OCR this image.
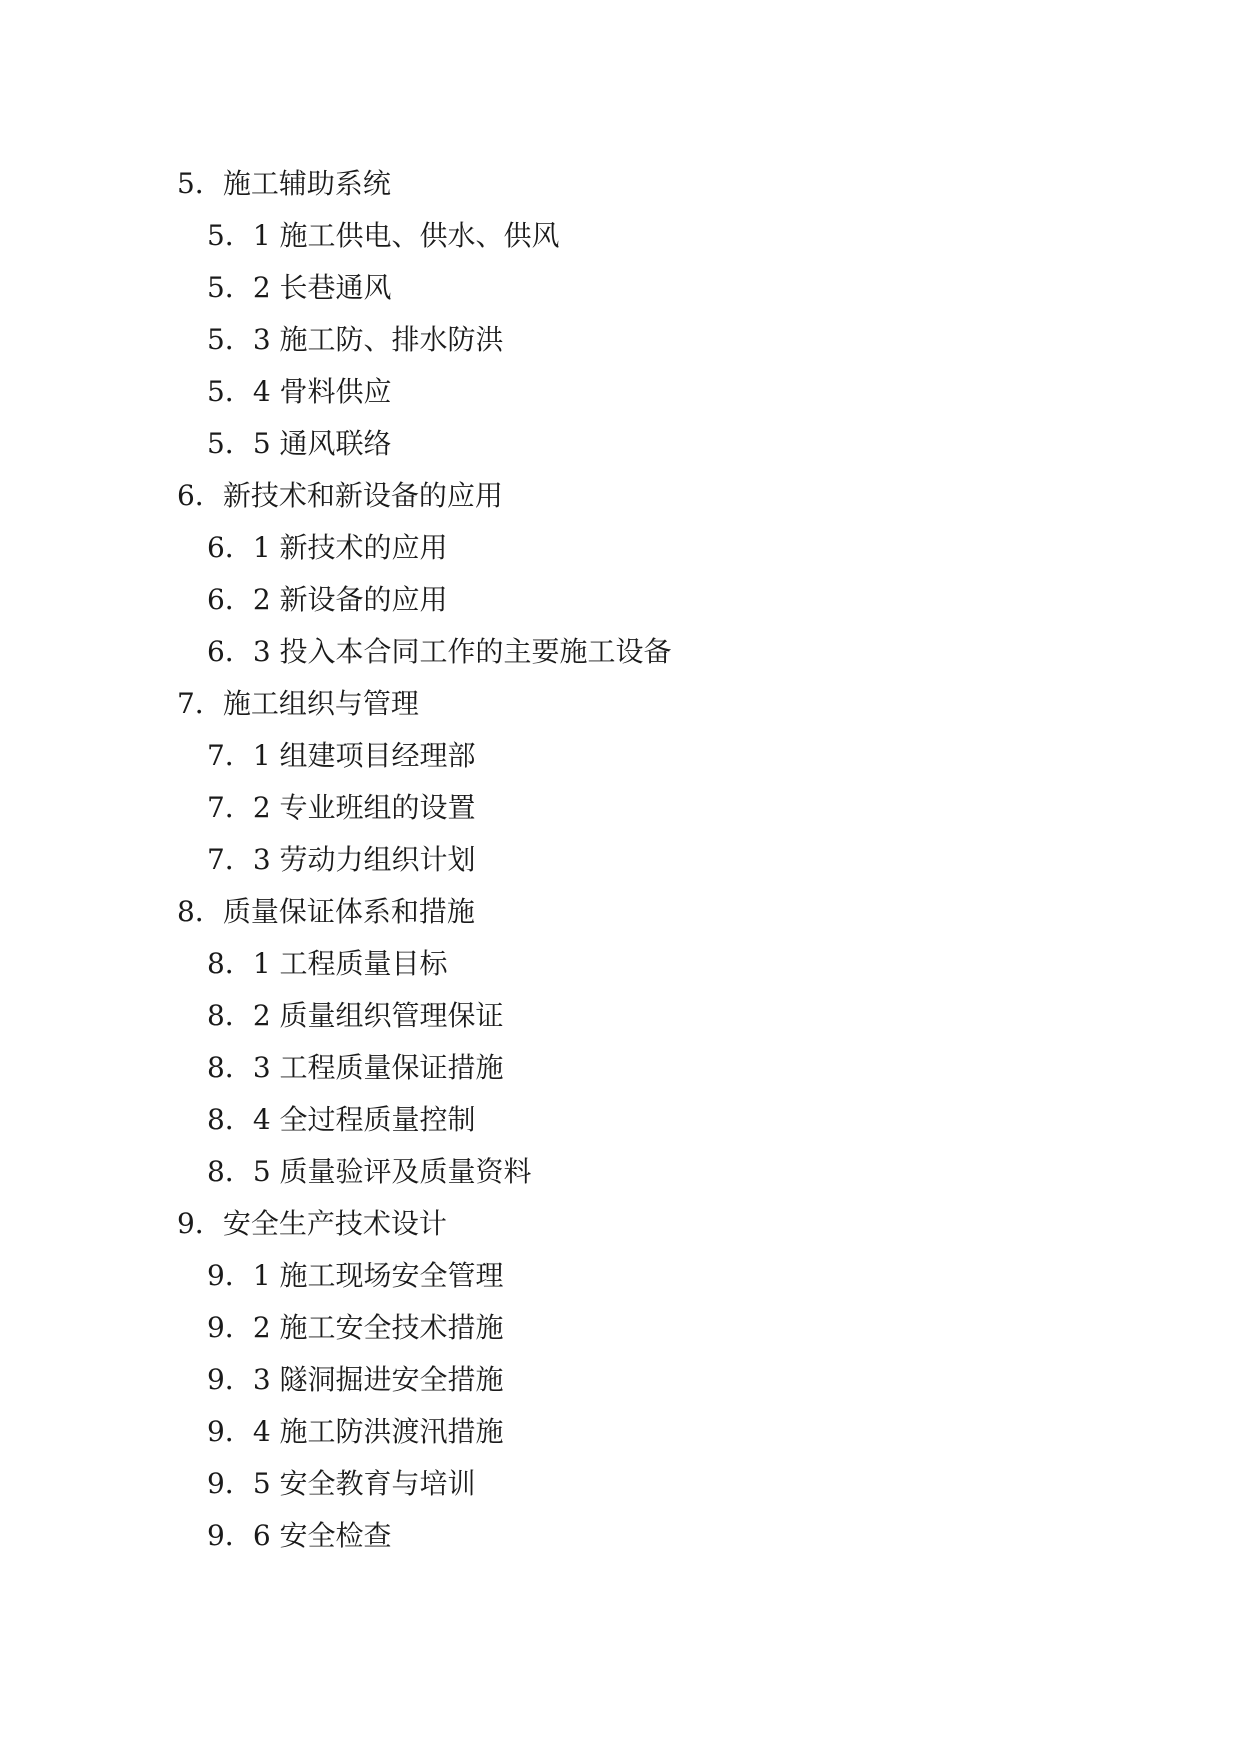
5．施工辅助系统
5．1 施工供电、供水、供风
5．2 长巷通风
5．3 施工防、排水防洪
5．4 骨料供应
5．5 通风联络
6．新技术和新设备的应用
6．1 新技术的应用
6．2 新设备的应用
6．3 投入本合同工作的主要施工设备
7．施工组织与管理
7．1 组建项目经理部
7．2 专业班组的设置
7．3 劳动力组织计划
8．质量保证体系和措施
8．1 工程质量目标
8．2 质量组织管理保证
8．3 工程质量保证措施
8．4 全过程质量控制
8．5 质量验评及质量资料
9．安全生产技术设计
9．1 施工现场安全管理
9．2 施工安全技术措施
9．3 隧洞掘进安全措施
9．4 施工防洪渡汛措施
9．5 安全教育与培训
9．6 安全检查
